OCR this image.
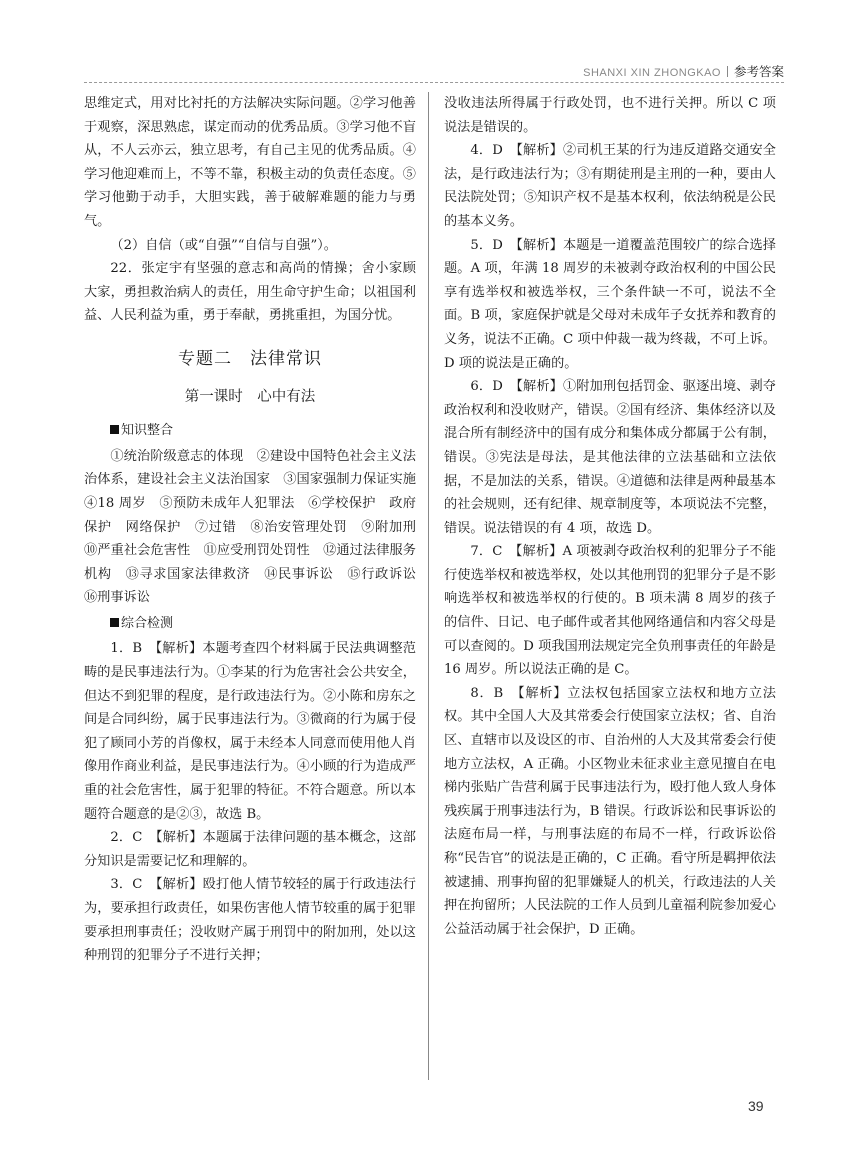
SHANXI XIN ZHONGKAO 参考答案

思维定式，用对比衬托的方法解决实际问题。②学习他善于观察，深思熟虑，谋定而动的优秀品质。③学习他不盲从，不人云亦云，独立思考，有自己主见的优秀品质。④学习他迎难而上，不等不靠，积极主动的负责任态度。⑤学习他勤于动手，大胆实践，善于破解难题的能力与勇气。

（2）自信（或“自强”“自信与自强”）。

22．张定宇有坚强的意志和高尚的情操；舍小家顾大家，勇担救治病人的责任，用生命守护生命；以祖国利益、人民利益为重，勇于奉献，勇挑重担，为国分忧。

专题二　法律常识
第一课时　心中有法
知识整合

①统治阶级意志的体现　②建设中国特色社会主义法治体系，建设社会主义法治国家　③国家强制力保证实施　④18 周岁　⑤预防未成年人犯罪法　⑥学校保护　政府保护　网络保护　⑦过错　⑧治安管理处罚　⑨附加刑　⑩严重社会危害性　⑪应受刑罚处罚性　⑫通过法律服务机构　⑬寻求国家法律救济　⑭民事诉讼　⑮行政诉讼　⑯刑事诉讼

综合检测

1．B　【解析】本题考查四个材料属于民法典调整范畴的是民事违法行为。①李某的行为危害社会公共安全，但达不到犯罪的程度，是行政违法行为。②小陈和房东之间是合同纠纷，属于民事违法行为。③微商的行为属于侵犯了顾同小芳的肖像权，属于未经本人同意而使用他人肖像用作商业利益，是民事违法行为。④小顾的行为造成严重的社会危害性，属于犯罪的特征。不符合题意。所以本题符合题意的是②③，故选 B。

2．C　【解析】本题属于法律问题的基本概念，这部分知识是需要记忆和理解的。

3．C　【解析】殴打他人情节较轻的属于行政违法行为，要承担行政责任，如果伤害他人情节较重的属于犯罪要承担刑事责任；没收财产属于刑罚中的附加刑，处以这种刑罚的犯罪分子不进行关押；

没收违法所得属于行政处罚，也不进行关押。所以 C 项说法是错误的。

4．D　【解析】②司机王某的行为违反道路交通安全法，是行政违法行为；③有期徒刑是主刑的一种，要由人民法院处罚；⑤知识产权不是基本权利，依法纳税是公民的基本义务。

5．D　【解析】本题是一道覆盖范围较广的综合选择题。A 项，年满 18 周岁的未被剥夺政治权利的中国公民享有选举权和被选举权，三个条件缺一不可，说法不全面。B 项，家庭保护就是父母对未成年子女抚养和教育的义务，说法不正确。C 项中仲裁一裁为终裁，不可上诉。D 项的说法是正确的。

6．D　【解析】①附加刑包括罚金、驱逐出境、剥夺政治权利和没收财产，错误。②国有经济、集体经济以及混合所有制经济中的国有成分和集体成分都属于公有制，错误。③宪法是母法，是其他法律的立法基础和立法依据，不是加法的关系，错误。④道德和法律是两种最基本的社会规则，还有纪律、规章制度等，本项说法不完整，错误。说法错误的有 4 项，故选 D。

7．C　【解析】A 项被剥夺政治权利的犯罪分子不能行使选举权和被选举权，处以其他刑罚的犯罪分子是不影响选举权和被选举权的行使的。B 项未满 8 周岁的孩子的信件、日记、电子邮件或者其他网络通信和内容父母是可以查阅的。D 项我国刑法规定完全负刑事责任的年龄是 16 周岁。所以说法正确的是 C。

8．B　【解析】立法权包括国家立法权和地方立法权。其中全国人大及其常委会行使国家立法权；省、自治区、直辖市以及设区的市、自治州的人大及其常委会行使地方立法权，A 正确。小区物业未征求业主意见擅自在电梯内张贴广告营利属于民事违法行为，殴打他人致人身体残疾属于刑事违法行为，B 错误。行政诉讼和民事诉讼的法庭布局一样，与刑事法庭的布局不一样，行政诉讼俗称“民告官”的说法是正确的，C 正确。看守所是羁押依法被逮捕、刑事拘留的犯罪嫌疑人的机关，行政违法的人关押在拘留所；人民法院的工作人员到儿童福利院参加爱心公益活动属于社会保护，D 正确。

39
